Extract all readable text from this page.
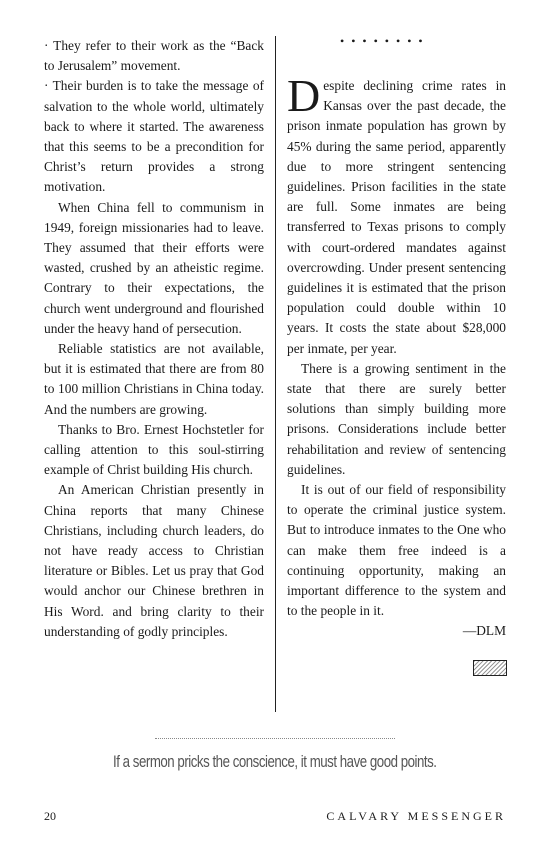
· They refer to their work as the “Back to Jerusalem” movement.

· Their burden is to take the message of salvation to the whole world, ultimately back to where it started. The awareness that this seems to be a precondition for Christ’s return provides a strong motivation.

When China fell to communism in 1949, foreign missionaries had to leave. They assumed that their efforts were wasted, crushed by an atheistic regime. Contrary to their expectations, the church went underground and flourished under the heavy hand of persecution.

Reliable statistics are not available, but it is estimated that there are from 80 to 100 million Christians in China today. And the numbers are growing.

Thanks to Bro. Ernest Hochstetler for calling attention to this soul-stirring example of Christ building His church.

An American Christian presently in China reports that many Chinese Christians, including church leaders, do not have ready access to Christian literature or Bibles. Let us pray that God would anchor our Chinese brethren in His Word. and bring clarity to their understanding of godly principles.

••••••••

Despite declining crime rates in Kansas over the past decade, the prison inmate population has grown by 45% during the same period, apparently due to more stringent sentencing guidelines. Prison facilities in the state are full. Some inmates are being transferred to Texas prisons to comply with court-ordered mandates against overcrowding. Under present sentencing guidelines it is estimated that the prison population could double within 10 years. It costs the state about $28,000 per inmate, per year.

There is a growing sentiment in the state that there are surely better solutions than simply building more prisons. Considerations include better rehabilitation and review of sentencing guidelines.

It is out of our field of responsibility to operate the criminal justice system. But to introduce inmates to the One who can make them free indeed is a continuing opportunity, making an important difference to the system and to the people in it.

—DLM

If a sermon pricks the conscience, it must have good points.
20	CALVARY MESSENGER
